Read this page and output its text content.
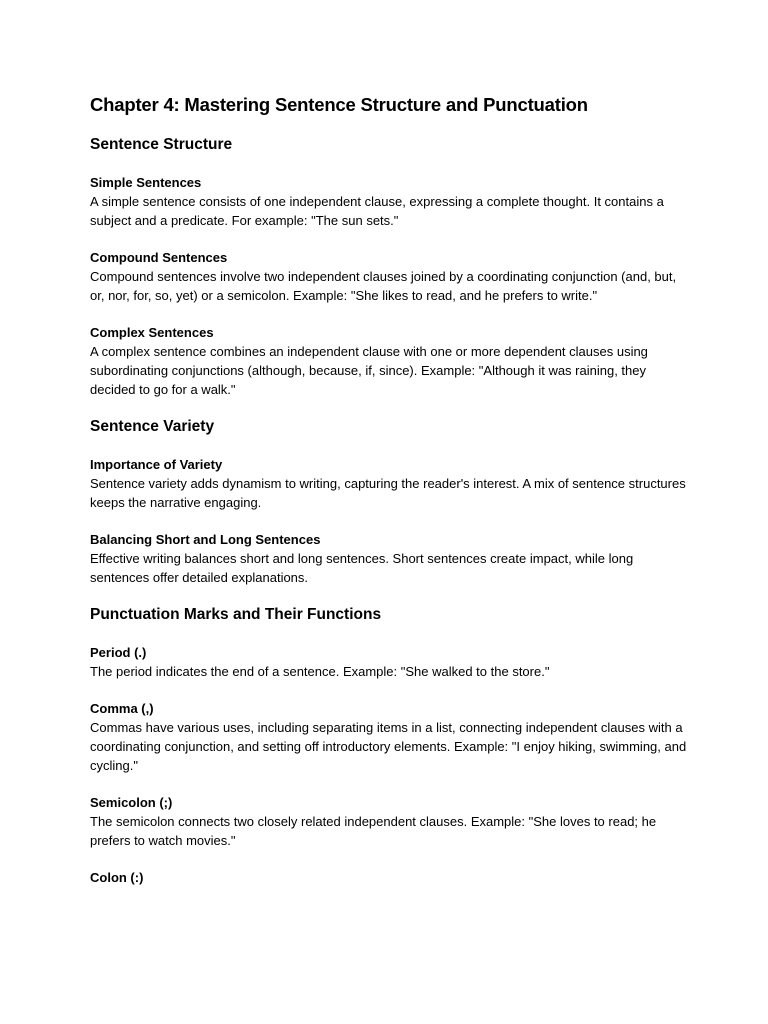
Chapter 4: Mastering Sentence Structure and Punctuation
Sentence Structure

Simple Sentences

A simple sentence consists of one independent clause, expressing a complete thought. It contains a subject and a predicate. For example: "The sun sets."

Compound Sentences

Compound sentences involve two independent clauses joined by a coordinating conjunction (and, but, or, nor, for, so, yet) or a semicolon. Example: "She likes to read, and he prefers to write."

Complex Sentences

A complex sentence combines an independent clause with one or more dependent clauses using subordinating conjunctions (although, because, if, since). Example: "Although it was raining, they decided to go for a walk."

Sentence Variety

Importance of Variety

Sentence variety adds dynamism to writing, capturing the reader's interest. A mix of sentence structures keeps the narrative engaging.

Balancing Short and Long Sentences

Effective writing balances short and long sentences. Short sentences create impact, while long sentences offer detailed explanations.

Punctuation Marks and Their Functions

Period (.)

The period indicates the end of a sentence. Example: "She walked to the store."

Comma (,)

Commas have various uses, including separating items in a list, connecting independent clauses with a coordinating conjunction, and setting off introductory elements. Example: "I enjoy hiking, swimming, and cycling."

Semicolon (;)

The semicolon connects two closely related independent clauses. Example: "She loves to read; he prefers to watch movies."

Colon (:)
